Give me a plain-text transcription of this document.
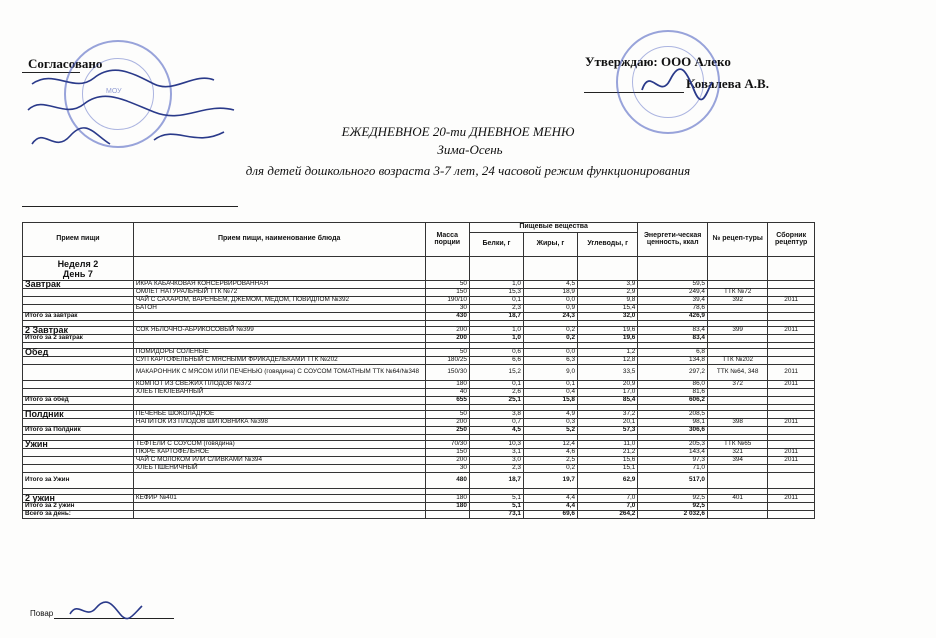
Согласовано	Утверждаю: ООО Алеко
Ковалева А.В.
МОУ
ЕЖЕДНЕВНОЕ 20-ти ДНЕВНОЕ МЕНЮ
Зима-Осень
для детей дошкольного возраста 3-7 лет, 24 часовой режим функционирования
Прием пищи	Прием пищи, наименование блюда	Масса порции	Пищевые вещества			Энергети-ческая ценность, ккал	№ рецеп-туры	Сборник рецептур
			Белки, г	Жиры, г	Углеводы, г			

Неделя 2
День 7								

Завтрак	ИКРА КАБАЧКОВАЯ КОНСЕРВИРОВАННАЯ	50	1,0	4,5	3,9	59,5		
	ОМЛЕТ НАТУРАЛЬНЫЙ ТТК №72	150	15,3	18,9	2,9	249,4	ТТК №72	
	ЧАЙ С САХАРОМ, ВАРЕНЬЕМ, ДЖЕМОМ, МЕДОМ, ПОВИДЛОМ №392	190/10	0,1	0,0	9,8	39,4	392	2011
	БАТОН	30	2,3	0,9	15,4	78,6		
Итого за завтрак		430	18,7	24,3	32,0	426,9		

2 Завтрак	СОК ЯБЛОЧНО-АБРИКОСОВЫЙ №399	200	1,0	0,2	19,6	83,4	399	2011
Итого за 2 завтрак		200	1,0	0,2	19,6	83,4		

Обед	ПОМИДОРЫ СОЛЕНЫЕ	50	0,6	0,0	1,2	6,8		
	СУП КАРТОФЕЛЬНЫЙ С МЯСНЫМИ ФРИКАДЕЛЬКАМИ ТТК №202	180/25	6,6	6,3	12,8	134,8	ТТК №202	
	МАКАРОННИК С МЯСОМ ИЛИ ПЕЧЕНЬЮ (говядина) С СОУСОМ ТОМАТНЫМ ТТК №64/№348	150/30	15,2	9,0	33,5	297,2	ТТК №64, 348	2011
	КОМПОТ ИЗ СВЕЖИХ ПЛОДОВ №372	180	0,1	0,1	20,9	86,0	372	2011
	ХЛЕБ ПЕКЛЕВАННЫЙ	40	2,6	0,4	17,0	81,6		
Итого за обед		655	25,1	15,8	85,4	606,2		

Полдник	ПЕЧЕНЬЕ ШОКОЛАДНОЕ	50	3,8	4,9	37,2	208,5		
	НАПИТОК ИЗ ПЛОДОВ ШИПОВНИКА №398	200	0,7	0,3	20,1	98,1	398	2011
Итого за Полдник		250	4,5	5,2	57,3	306,6		

Ужин	ТЕФТЕЛИ С СОУСОМ (говядина)	70/30	10,3	12,4	11,0	205,3	ТТК №65	
	ПЮРЕ КАРТОФЕЛЬНОЕ	150	3,1	4,6	21,2	143,4	321	2011
	ЧАЙ С МОЛОКОМ ИЛИ СЛИВКАМИ №394	200	3,0	2,5	15,6	97,3	394	2011
	ХЛЕБ ПШЕНИЧНЫЙ	30	2,3	0,2	15,1	71,0		
Итого за Ужин		480	18,7	19,7	62,9	517,0		

2 ужин	КЕФИР №401	180	5,1	4,4	7,0	92,5	401	2011
Итого за 2 ужин		180	5,1	4,4	7,0	92,5		
Всего за день:			73,1	69,6	264,2	2 032,6		
Повар
